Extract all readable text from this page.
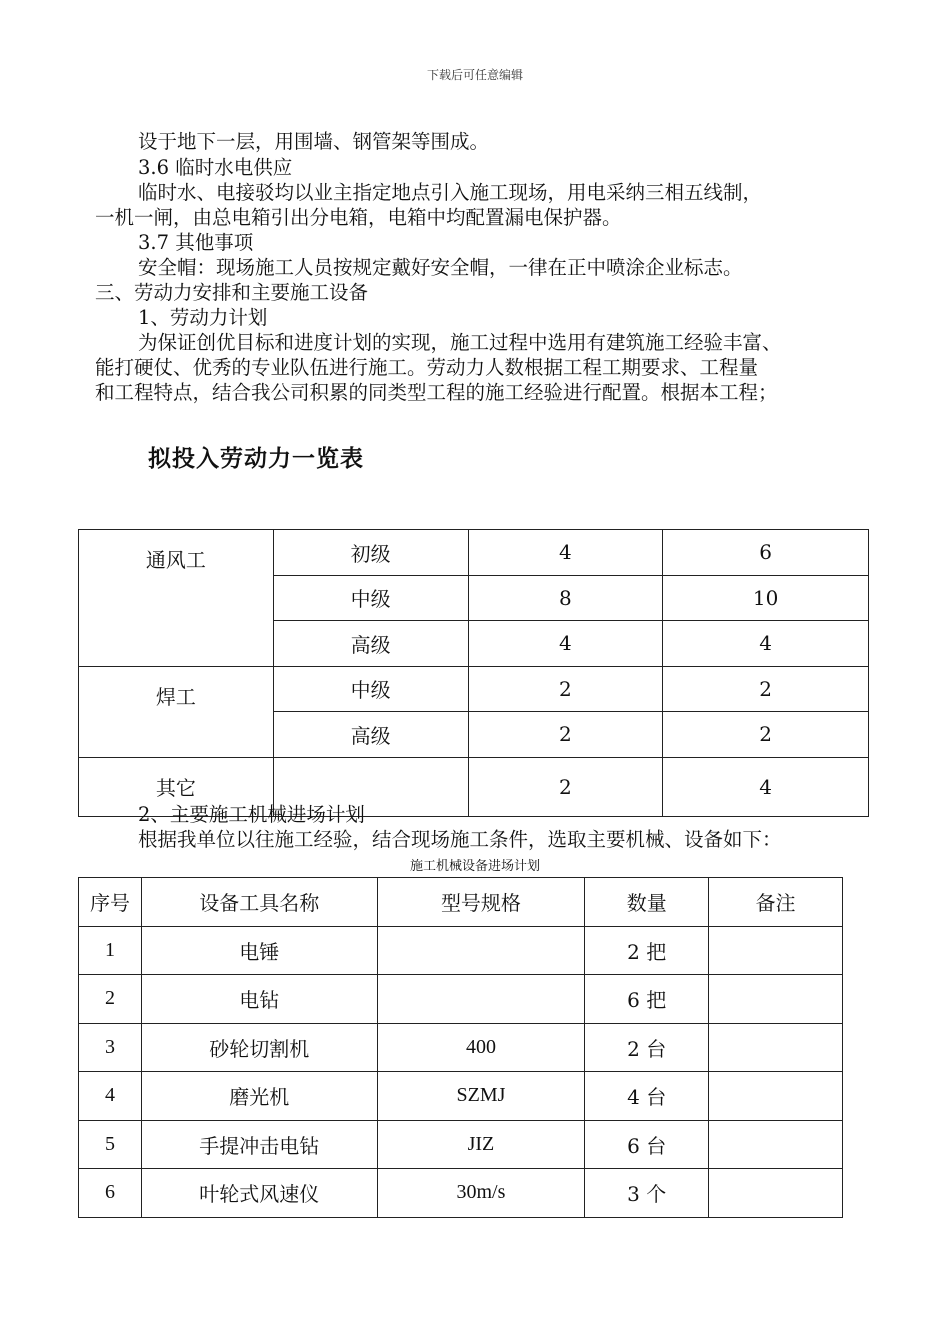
下载后可任意编辑
设于地下一层，用围墙、钢管架等围成。
3.6 临时水电供应
临时水、电接驳均以业主指定地点引入施工现场，用电采纳三相五线制，
一机一闸，由总电箱引出分电箱，电箱中均配置漏电保护器。
3.7 其他事项
安全帽：现场施工人员按规定戴好安全帽，一律在正中喷涂企业标志。
三、劳动力安排和主要施工设备
1、劳动力计划
为保证创优目标和进度计划的实现，施工过程中选用有建筑施工经验丰富、
能打硬仗、优秀的专业队伍进行施工。劳动力人数根据工程工期要求、工程量
和工程特点，结合我公司积累的同类型工程的施工经验进行配置。根据本工程；
拟投入劳动力一览表
通风工	初级	4	6
	中级	8	10
	高级	4	4
焊工	中级	2	2
	高级	2	2
其它		2	4
2、主要施工机械进场计划
根据我单位以往施工经验，结合现场施工条件，选取主要机械、设备如下：
施工机械设备进场计划
序号	设备工具名称	型号规格	数量	备注
1	电锤		2 把	
2	电钻		6 把	
3	砂轮切割机	400	2 台	
4	磨光机	SZMJ	4 台	
5	手提冲击电钻	JIZ	6 台	
6	叶轮式风速仪	30m/s	3 个	
